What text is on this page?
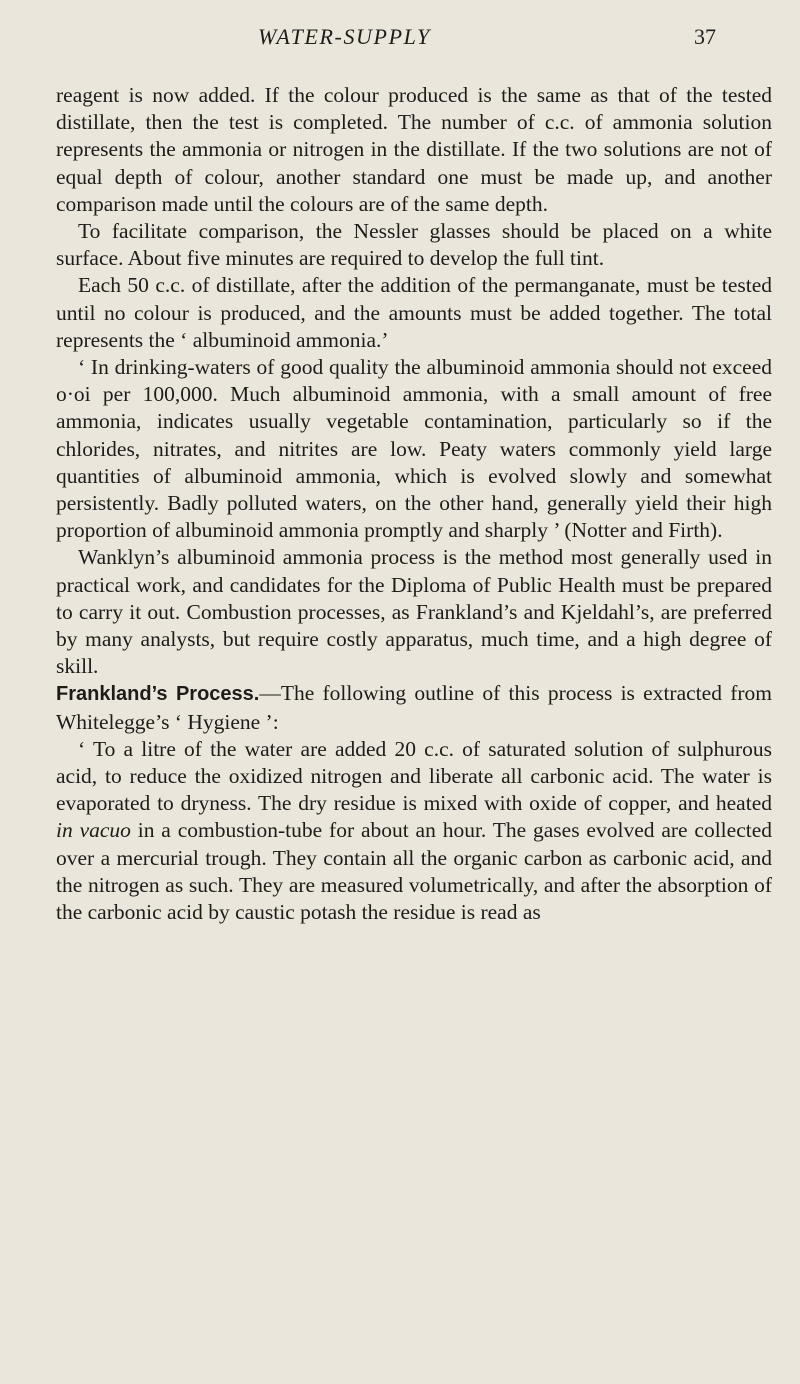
WATER-SUPPLY	37

reagent is now added. If the colour produced is the same as that of the tested distillate, then the test is completed. The number of c.c. of ammonia solution represents the ammonia or nitrogen in the distillate. If the two solutions are not of equal depth of colour, another standard one must be made up, and another comparison made until the colours are of the same depth.

To facilitate comparison, the Nessler glasses should be placed on a white surface. About five minutes are required to develop the full tint.

Each 50 c.c. of distillate, after the addition of the permanganate, must be tested until no colour is produced, and the amounts must be added together. The total represents the ‘ albuminoid ammonia.’

‘ In drinking-waters of good quality the albuminoid ammonia should not exceed o·oi per 100,000. Much albuminoid ammonia, with a small amount of free ammonia, indicates usually vegetable contamination, particularly so if the chlorides, nitrates, and nitrites are low. Peaty waters commonly yield large quantities of albuminoid ammonia, which is evolved slowly and somewhat persistently. Badly polluted waters, on the other hand, generally yield their high proportion of albuminoid ammonia promptly and sharply ’ (Notter and Firth).

Wanklyn’s albuminoid ammonia process is the method most generally used in practical work, and candidates for the Diploma of Public Health must be prepared to carry it out. Combustion processes, as Frankland’s and Kjeldahl’s, are preferred by many analysts, but require costly apparatus, much time, and a high degree of skill.

Frankland’s Process.—The following outline of this process is extracted from Whitelegge’s ‘ Hygiene ’:

‘ To a litre of the water are added 20 c.c. of saturated solution of sulphurous acid, to reduce the oxidized nitrogen and liberate all carbonic acid. The water is evaporated to dryness. The dry residue is mixed with oxide of copper, and heated in vacuo in a combustion-tube for about an hour. The gases evolved are collected over a mercurial trough. They contain all the organic carbon as carbonic acid, and the nitrogen as such. They are measured volumetrically, and after the absorption of the carbonic acid by caustic potash the residue is read as
